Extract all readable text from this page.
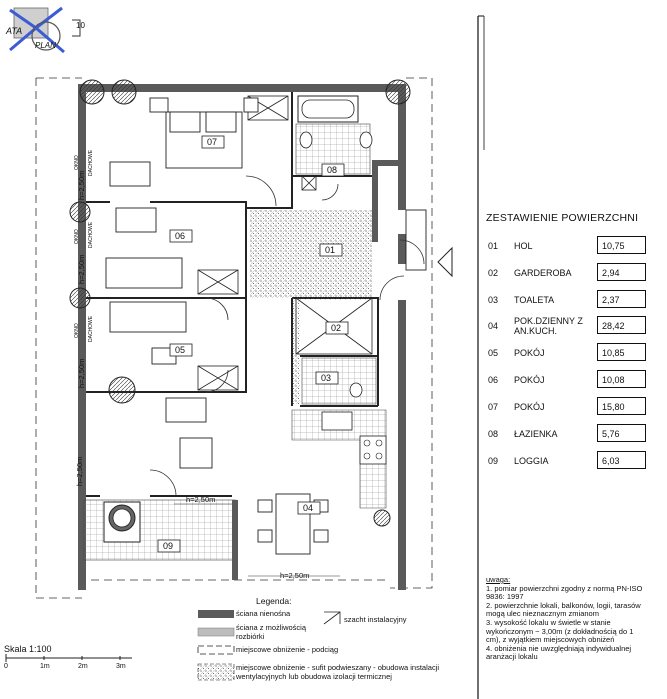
ATA
PLAN
10
07
08
06
01
02
05
03
04
09
h=2,50m
h=2,50m
h=2,50m
h=2,50m
h=2,50m
h=2,50m
OKNO DACHOWE
OKNO DACHOWE
OKNO DACHOWE
Legenda:
0	1m	2m	3m
ściana nienośna
ściana z możliwością rozbiórki
szacht instalacyjny
miejscowe obniżenie - podciąg
miejscowe obniżenie - sufit podwieszany - obudowa instalacji wentylacyjnych lub obudowa izolacji termicznej
Skala 1:100
ZESTAWIENIE POWIERZCHNI
01 HOL	10,75
02 GARDEROBA	2,94
03 TOALETA	2,37
04 POK.DZIENNY Z AN.KUCH.	28,42
05 POKÓJ	10,85
06 POKÓJ	10,08
07 POKÓJ	15,80
08 ŁAZIENKA	5,76
09 LOGGIA	6,03
uwaga:
1. pomiar powierzchni zgodny z normą PN-ISO 9836: 1997
2. powierzchnie lokali, balkonów, logii, tarasów mogą ulec nieznacznym zmianom
3. wysokość lokalu w świetle w stanie wykończonym ~ 3,00m (z dokładnością do 1 cm), z wyjątkiem miejscowych obniżeń
4. obniżenia nie uwzględniają indywidualnej aranżacji lokalu
